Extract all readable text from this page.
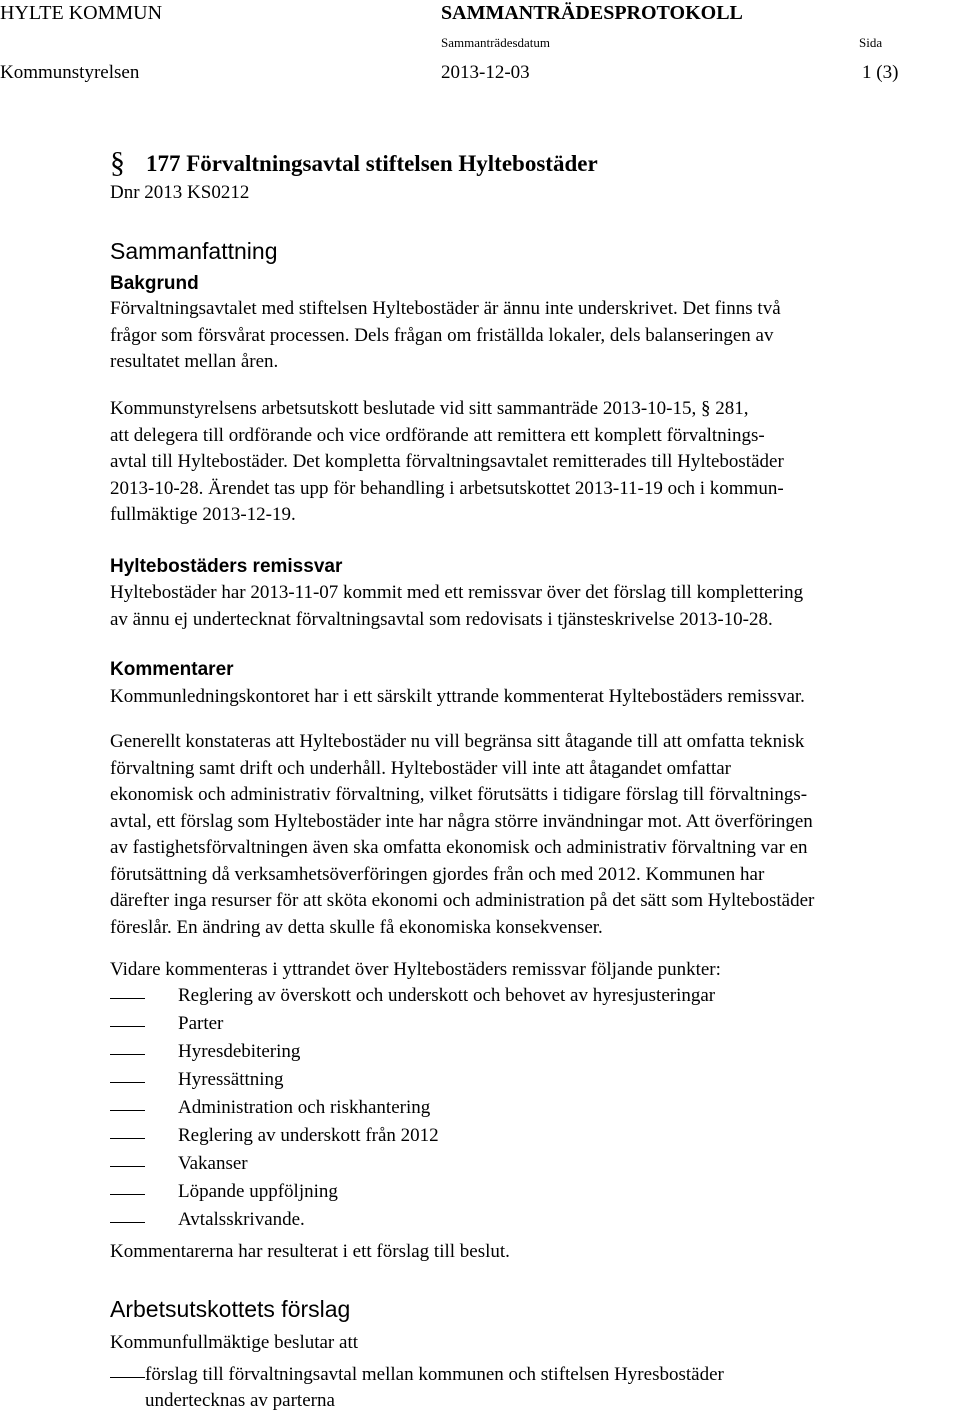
HYLTE KOMMUN	SAMMANTRÄDESPROTOKOLL
Sammanträdesdatum	Sida
Kommunstyrelsen	2013-12-03	1 (3)
§ 177 Förvaltningsavtal stiftelsen Hyltebostäder
Dnr 2013 KS0212
Sammanfattning
Bakgrund
Förvaltningsavtalet med stiftelsen Hyltebostäder är ännu inte underskrivet. Det finns två
frågor som försvårat processen. Dels frågan om friställda lokaler, dels balanseringen av
resultatet mellan åren.
Kommunstyrelsens arbetsutskott beslutade vid sitt sammanträde 2013-10-15, § 281,
att delegera till ordförande och vice ordförande att remittera ett komplett förvaltnings-
avtal till Hyltebostäder. Det kompletta förvaltningsavtalet remitterades till Hyltebostäder
2013-10-28. Ärendet tas upp för behandling i arbetsutskottet 2013-11-19 och i kommun-
fullmäktige 2013-12-19.
Hyltebostäders remissvar
Hyltebostäder har 2013-11-07 kommit med ett remissvar över det förslag till komplettering
av ännu ej undertecknat förvaltningsavtal som redovisats i tjänsteskrivelse 2013-10-28.
Kommentarer
Kommunledningskontoret har i ett särskilt yttrande kommenterat Hyltebostäders remissvar.
Generellt konstateras att Hyltebostäder nu vill begränsa sitt åtagande till att omfatta teknisk
förvaltning samt drift och underhåll. Hyltebostäder vill inte att åtagandet omfattar
ekonomisk och administrativ förvaltning, vilket förutsätts i tidigare förslag till förvaltnings-
avtal, ett förslag som Hyltebostäder inte har några större invändningar mot. Att överföringen
av fastighetsförvaltningen även ska omfatta ekonomisk och administrativ förvaltning var en
förutsättning då verksamhetsöverföringen gjordes från och med 2012. Kommunen har
därefter inga resurser för att sköta ekonomi och administration på det sätt som Hyltebostäder
föreslår. En ändring av detta skulle få ekonomiska konsekvenser.
Vidare kommenteras i yttrandet över Hyltebostäders remissvar följande punkter:
Reglering av överskott och underskott och behovet av hyresjusteringar
Parter
Hyresdebitering
Hyressättning
Administration och riskhantering
Reglering av underskott från 2012
Vakanser
Löpande uppföljning
Avtalsskrivande.
Kommentarerna har resulterat i ett förslag till beslut.
Arbetsutskottets förslag
Kommunfullmäktige beslutar att
förslag till förvaltningsavtal mellan kommunen och stiftelsen Hyresbostäder
undertecknas av parterna
